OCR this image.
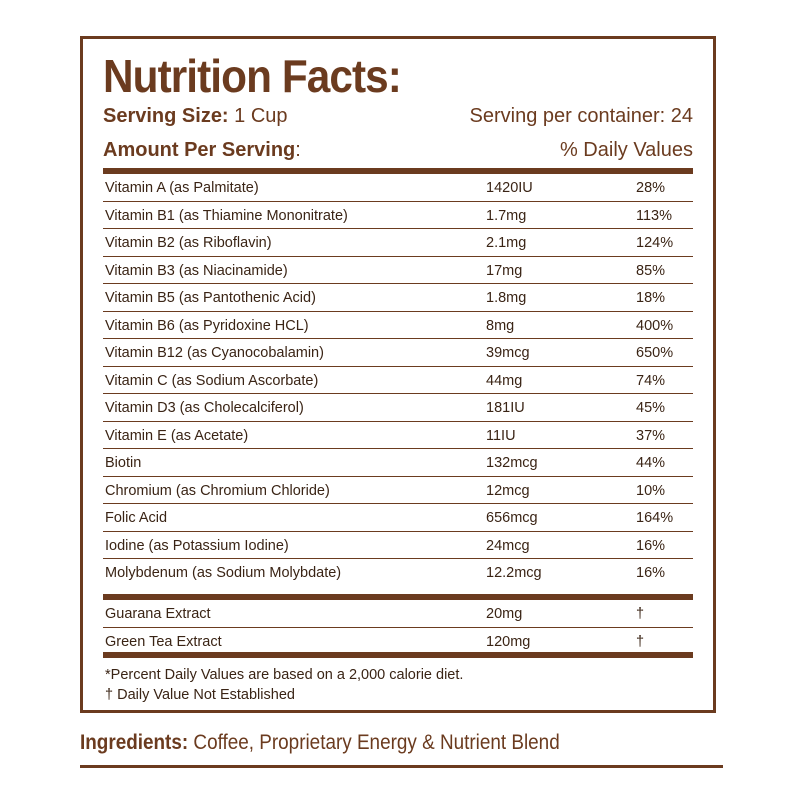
Nutrition Facts:
Serving Size: 1 Cup	Serving per container: 24
Amount Per Serving:	% Daily Values
Vitamin A (as Palmitate)	1420IU	28%
Vitamin B1 (as Thiamine Mononitrate)	1.7mg	113%
Vitamin B2 (as Riboflavin)	2.1mg	124%
Vitamin B3 (as Niacinamide)	17mg	85%
Vitamin B5 (as Pantothenic Acid)	1.8mg	18%
Vitamin B6 (as Pyridoxine HCL)	8mg	400%
Vitamin B12 (as Cyanocobalamin)	39mcg	650%
Vitamin C (as Sodium Ascorbate)	44mg	74%
Vitamin D3 (as Cholecalciferol)	181IU	45%
Vitamin E (as Acetate)	11IU	37%
Biotin	132mcg	44%
Chromium (as Chromium Chloride)	12mcg	10%
Folic Acid	656mcg	164%
Iodine (as Potassium Iodine)	24mcg	16%
Molybdenum (as Sodium Molybdate)	12.2mcg	16%
Guarana Extract	20mg	†
Green Tea Extract	120mg	†
*Percent Daily Values are based on a 2,000 calorie diet.
† Daily Value Not Established
Ingredients: Coffee, Proprietary Energy & Nutrient Blend
